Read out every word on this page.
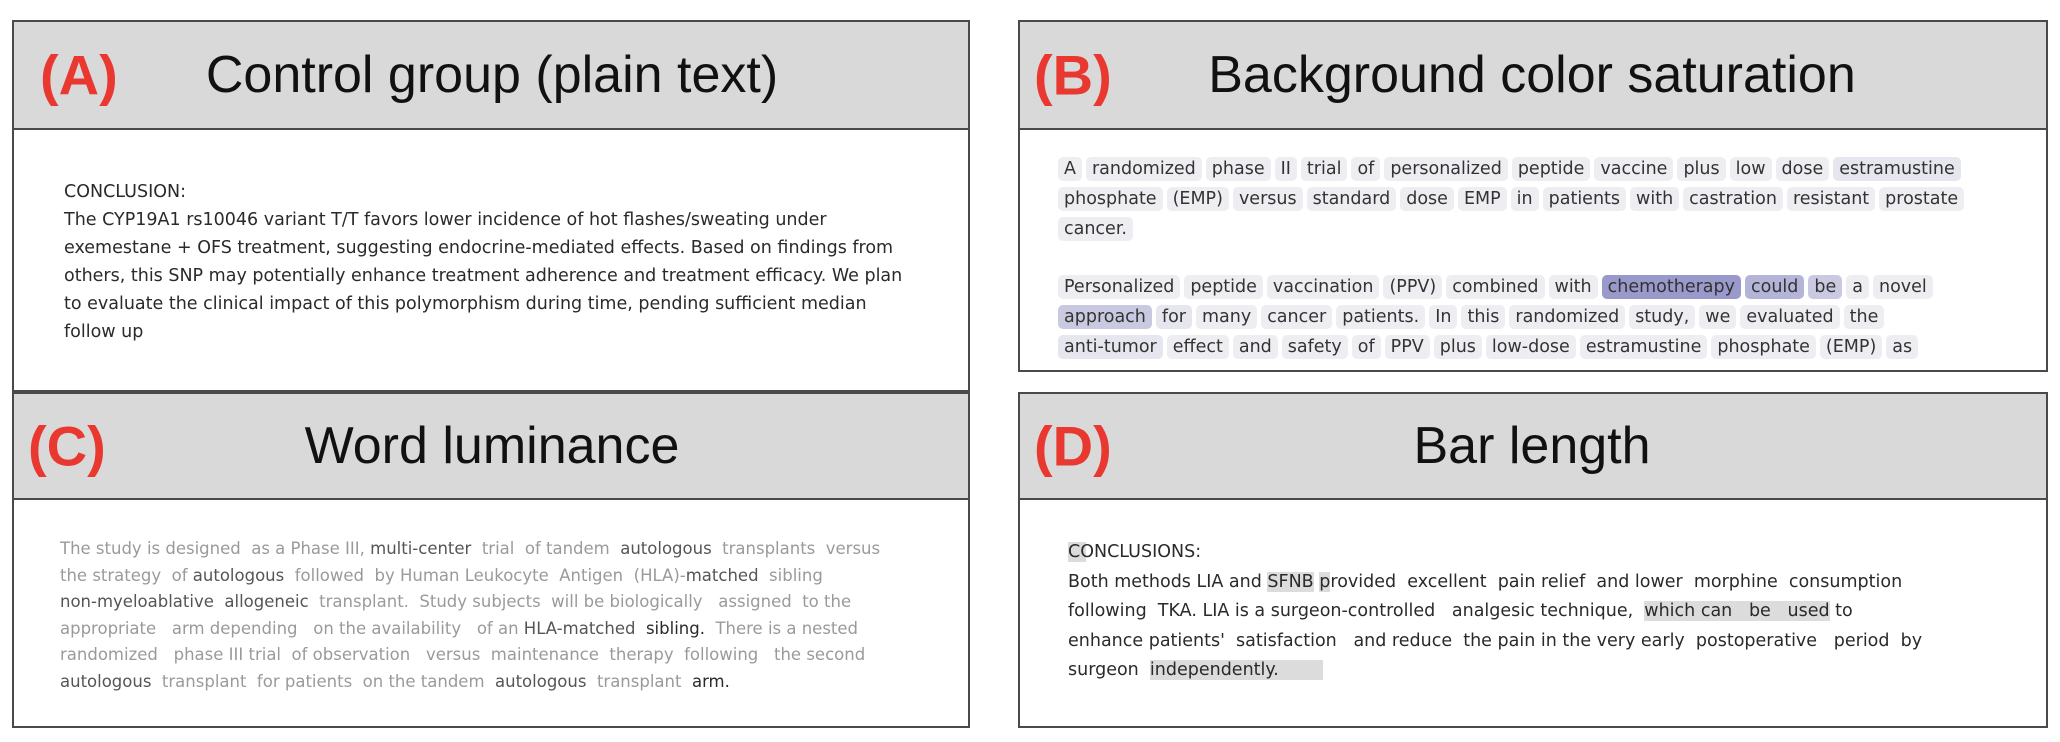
(A) Control group (plain text)
CONCLUSION:
The CYP19A1 rs10046 variant T/T favors lower incidence of hot flashes/sweating under
exemestane + OFS treatment, suggesting endocrine-mediated effects. Based on findings from
others, this SNP may potentially enhance treatment adherence and treatment efficacy. We plan
to evaluate the clinical impact of this polymorphism during time, pending sufficient median
follow up
(B) Background color saturation
A randomized phase II trial of personalized peptide vaccine plus low dose estramustine
phosphate (EMP) versus standard dose EMP in patients with castration resistant prostate
cancer.
Personalized peptide vaccination (PPV) combined with chemotherapy could be a novel
approach for many cancer patients. In this randomized study, we evaluated the
anti-tumor effect and safety of PPV plus low-dose estramustine phosphate (EMP) as
(C)	Word luminance
The study is designed  as a Phase III, multi-center  trial  of tandem  autologous  transplants  versus
the strategy  of autologous  followed  by Human Leukocyte  Antigen  (HLA)-matched  sibling
non-myeloablative allogeneic  transplant.  Study subjects  will be biologically   assigned  to the
appropriate   arm depending   on the availability   of an HLA-matched sibling.  There is a nested
randomized   phase III trial  of observation   versus  maintenance  therapy  following   the second
autologous  transplant  for patients  on the tandem  autologous  transplant  arm.
(D)	Bar length
CONCLUSIONS:
Both methods LIA and SFNB provided  excellent  pain relief  and lower  morphine  consumption
following  TKA. LIA is a surgeon-controlled   analgesic technique,  which can   be   used to
enhance patients'  satisfaction   and reduce  the pain in the very early  postoperative   period  by
surgeon  independently.
